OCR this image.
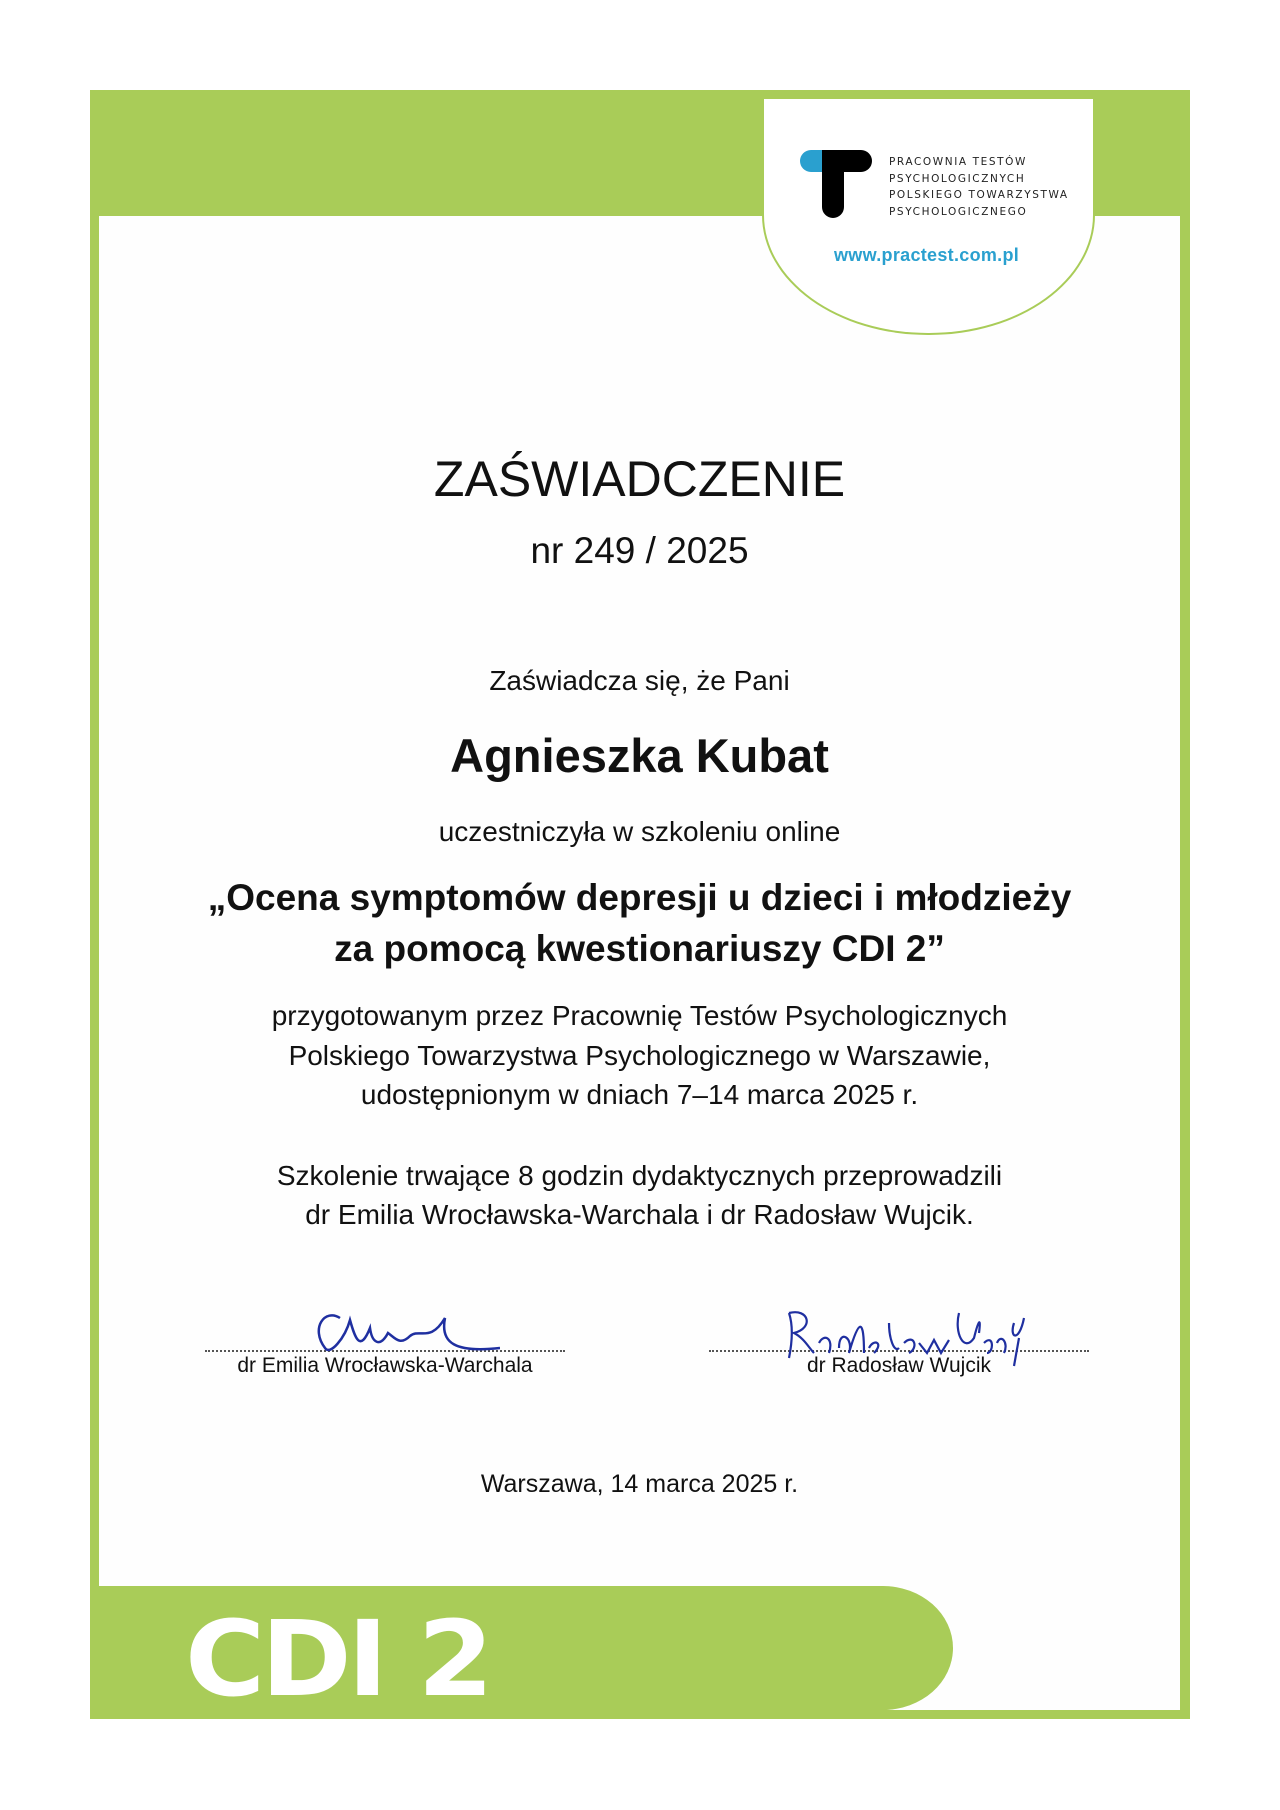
PRACOWNIA TESTÓW
PSYCHOLOGICZNYCH
POLSKIEGO TOWARZYSTWA
PSYCHOLOGICZNEGO
www.practest.com.pl
ZAŚWIADCZENIE
nr 249 / 2025
Zaświadcza się, że Pani
Agnieszka Kubat
uczestniczyła w szkoleniu online
„Ocena symptomów depresji u dzieci i młodzieży
za pomocą kwestionariuszy CDI 2”
przygotowanym przez Pracownię Testów Psychologicznych
Polskiego Towarzystwa Psychologicznego w Warszawie,
udostępnionym w dniach 7–14 marca 2025 r.
Szkolenie trwające 8 godzin dydaktycznych przeprowadzili
dr Emilia Wrocławska-Warchala i dr Radosław Wujcik.
dr Emilia Wrocławska-Warchala	dr Radosław Wujcik
Warszawa, 14 marca 2025 r.
CDI 2
